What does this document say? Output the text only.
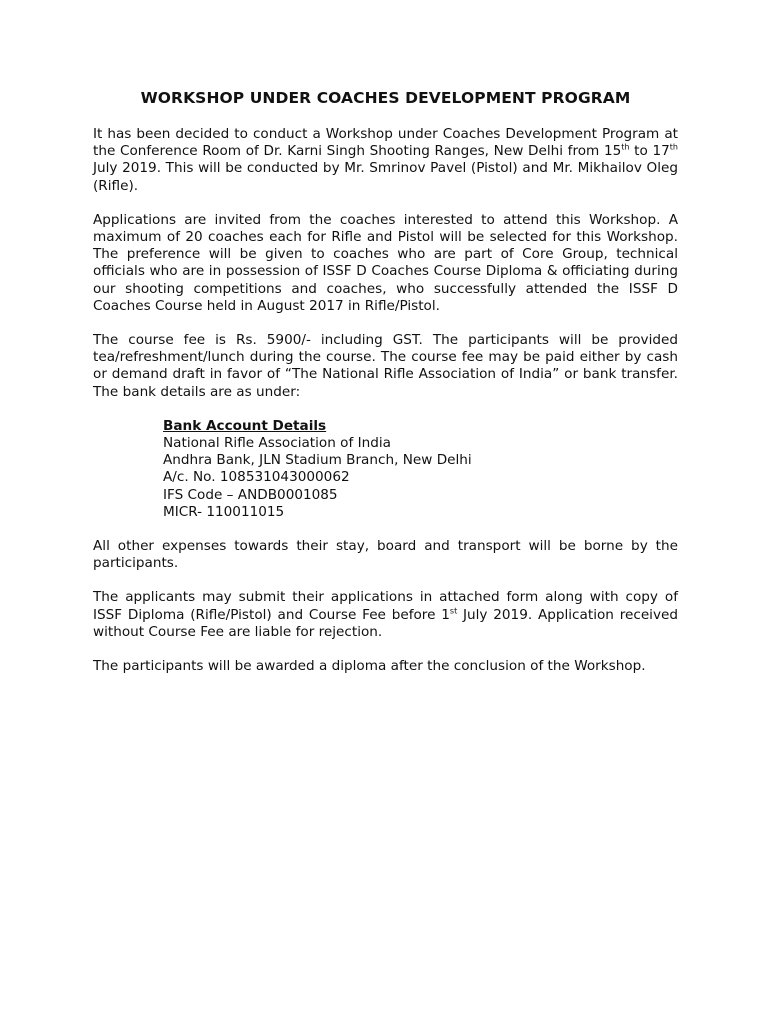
WORKSHOP UNDER COACHES DEVELOPMENT PROGRAM

It has been decided to conduct a Workshop under Coaches Development Program at the Conference Room of Dr. Karni Singh Shooting Ranges, New Delhi from 15th to 17th July 2019. This will be conducted by Mr. Smrinov Pavel (Pistol) and Mr. Mikhailov Oleg (Rifle).

Applications are invited from the coaches interested to attend this Workshop. A maximum of 20 coaches each for Rifle and Pistol will be selected for this Workshop. The preference will be given to coaches who are part of Core Group, technical officials who are in possession of ISSF D Coaches Course Diploma & officiating during our shooting competitions and coaches, who successfully attended the ISSF D Coaches Course held in August 2017 in Rifle/Pistol.

The course fee is Rs. 5900/- including GST. The participants will be provided tea/refreshment/lunch during the course. The course fee may be paid either by cash or demand draft in favor of “The National Rifle Association of India” or bank transfer. The bank details are as under:

Bank Account Details
National Rifle Association of India
Andhra Bank, JLN Stadium Branch, New Delhi
A/c. No. 108531043000062
IFS Code – ANDB0001085
MICR- 110011015

All other expenses towards their stay, board and transport will be borne by the participants.

The applicants may submit their applications in attached form along with copy of ISSF Diploma (Rifle/Pistol) and Course Fee before 1st July 2019. Application received without Course Fee are liable for rejection.

The participants will be awarded a diploma after the conclusion of the Workshop.
